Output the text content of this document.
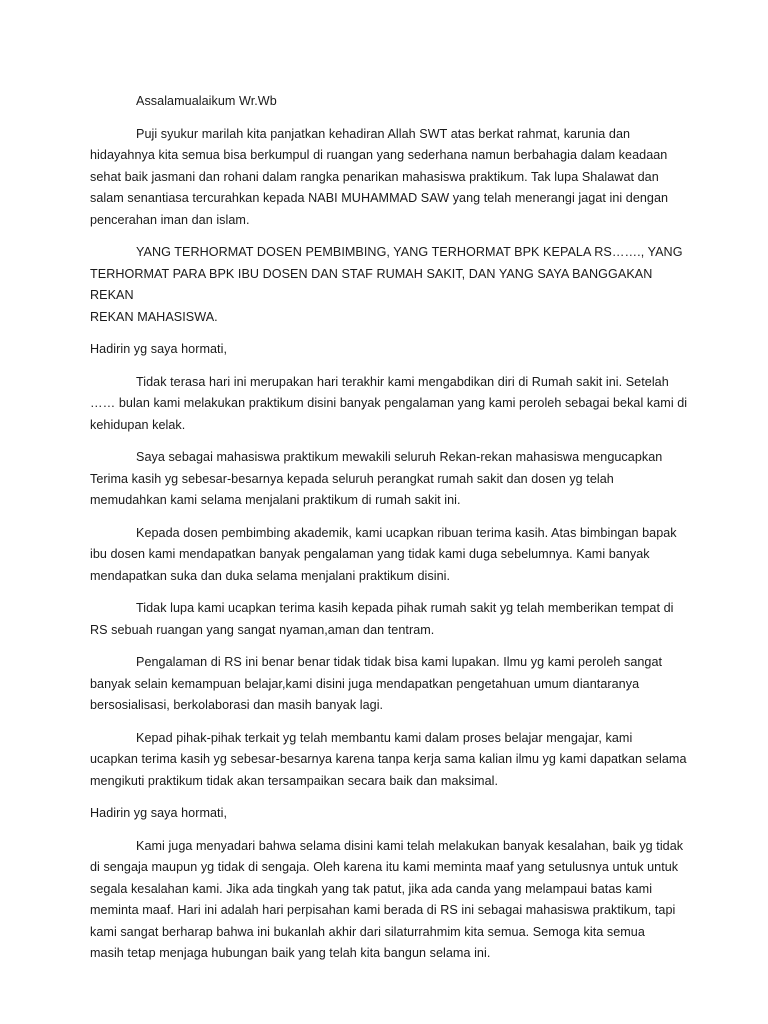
Assalamualaikum Wr.Wb

Puji syukur marilah kita panjatkan kehadiran Allah SWT atas berkat rahmat, karunia dan
hidayahnya kita semua bisa berkumpul di ruangan yang sederhana namun berbahagia dalam keadaan
sehat baik jasmani dan rohani dalam rangka penarikan mahasiswa praktikum. Tak lupa Shalawat dan
salam senantiasa tercurahkan kepada NABI MUHAMMAD SAW yang telah menerangi jagat ini dengan
pencerahan iman dan islam.

YANG TERHORMAT DOSEN PEMBIMBING, YANG TERHORMAT BPK KEPALA RS……., YANG
TERHORMAT PARA BPK IBU DOSEN DAN STAF RUMAH SAKIT, DAN YANG SAYA BANGGAKAN REKAN
REKAN MAHASISWA.

Hadirin yg saya hormati,

Tidak terasa hari ini merupakan hari terakhir kami mengabdikan diri di Rumah sakit ini. Setelah
…… bulan kami melakukan praktikum disini banyak pengalaman yang kami peroleh sebagai bekal kami di
kehidupan kelak.

Saya sebagai mahasiswa praktikum mewakili seluruh Rekan-rekan mahasiswa mengucapkan
Terima kasih yg sebesar-besarnya kepada seluruh perangkat rumah sakit dan dosen yg telah
memudahkan kami selama menjalani praktikum di rumah sakit ini.

Kepada dosen pembimbing akademik, kami ucapkan ribuan terima kasih. Atas bimbingan bapak
ibu dosen kami mendapatkan banyak pengalaman yang tidak kami duga sebelumnya. Kami banyak
mendapatkan suka dan duka selama menjalani praktikum disini.

Tidak lupa kami ucapkan terima kasih kepada pihak rumah sakit yg telah memberikan tempat di
RS sebuah ruangan yang sangat nyaman,aman dan tentram.

Pengalaman di RS ini benar benar tidak tidak bisa kami lupakan. Ilmu yg kami peroleh sangat
banyak selain kemampuan belajar,kami disini juga mendapatkan pengetahuan umum diantaranya
bersosialisasi, berkolaborasi dan masih banyak lagi.

Kepad pihak-pihak terkait yg telah membantu kami dalam proses belajar mengajar, kami
ucapkan terima kasih yg sebesar-besarnya karena tanpa kerja sama kalian ilmu yg kami dapatkan selama
mengikuti praktikum tidak akan tersampaikan secara baik dan maksimal.

Hadirin yg saya hormati,

Kami juga menyadari bahwa selama disini kami telah melakukan banyak kesalahan, baik yg tidak
di sengaja maupun yg tidak di sengaja. Oleh karena itu kami meminta maaf yang setulusnya untuk untuk
segala kesalahan kami. Jika ada tingkah yang tak patut, jika ada canda yang melampaui batas kami
meminta maaf. Hari ini adalah hari perpisahan kami berada di RS ini sebagai mahasiswa praktikum, tapi
kami sangat berharap bahwa ini bukanlah akhir dari silaturrahmim kita semua. Semoga kita semua
masih tetap menjaga hubungan baik yang telah kita bangun selama ini.
